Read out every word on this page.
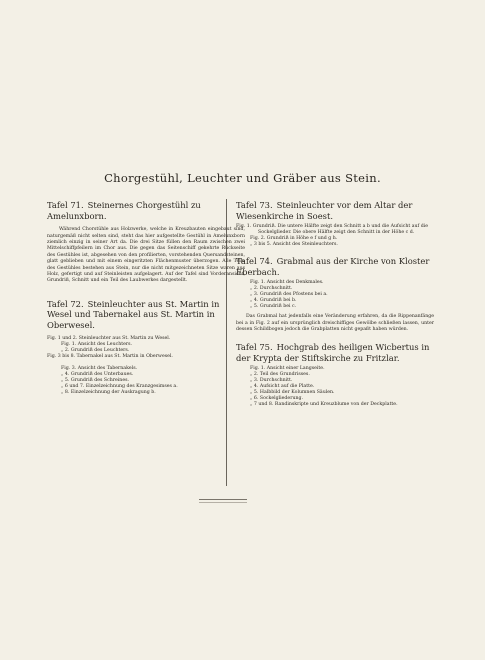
Chorgestühl, Leuchter und Gräber aus Stein.

Tafel 71. Steinernes Chorgestühl zu Amelunxborn.

Während Chorstühle aus Holzwerke, welche in Kreuzbauten eingebaut sind, naturgemäß nicht selten sind, steht das hier aufgestellte Gestühl in Amelunxborn ziemlich einzig in seiner Art da. Die drei Sitze füllen den Raum zwischen zwei Mittelschiffpfeilern im Chor aus. Die gegen das Seitenschiff gekehrte Rückseite des Gestühles ist, abgesehen von den profilierten, vorstehenden Quersandsteinen, glatt geblieben und mit einem eingeritzten Flächenmuster überzogen. Alle Teile des Gestühles bestehen aus Stein, nur die nicht mitgezeichneten Sitze waren aus Holz, gefertigt und auf Steinleisten aufgelagert. Auf der Tafel sind Vorderansicht, Grundriß, Schnitt und ein Teil des Laubwerkes dargestellt.

Tafel 72. Steinleuchter aus St. Martin in Wesel und Tabernakel aus St. Martin in Oberwesel.

Fig. 1 und 2. Steinleuchter aus St. Martin zu Wesel.
Fig. 1. Ansicht des Leuchters.
„ 2. Grundriß des Leuchters.
Fig. 3 bis 8. Tabernakel aus St. Martin in Oberwesel.
Fig. 3. Ansicht des Tabernakels.
„ 4. Grundriß des Unterbaues.
„ 5. Grundriß des Schreines.
„ 6 und 7. Einzelzeichnung des Kranzgesimses a.
„ 8. Einzelzeichnung der Auskragung b.

Tafel 73. Steinleuchter vor dem Altar der Wiesenkirche in Soest.

Fig. 1. Grundriß. Die untere Hälfte zeigt den Schnitt a b und die Aufsicht auf die Sockelglieder. Die obere Hälfte zeigt den Schnitt in der Höhe c d.
Fig. 2. Grundriß in Höhe e f und g h.
„ 3 bis 5. Ansicht des Steinleuchters.

Tafel 74. Grabmal aus der Kirche von Kloster Eberbach.

Fig. 1. Ansicht des Denkmales.
„ 2. Durchschnitt.
„ 3. Grundriß des Pfostens bei a.
„ 4. Grundriß bei b.
„ 5. Grundriß bei c.

Das Grabmal hat jedenfalls eine Veränderung erfahren, da die Rippenanfänge bei a in Fig. 2 auf ein ursprünglich dreischiffiges Gewölbe schließen lassen, unter dessen Schildbogen jedoch die Grabplatten nicht gepaßt haben würden.

Tafel 75. Hochgrab des heiligen Wicbertus in der Krypta der Stiftskirche zu Fritzlar.

Fig. 1. Ansicht einer Langseite.
„ 2. Teil des Grundrisses.
„ 3. Durchschnitt.
„ 4. Aufsicht auf die Platte.
„ 5. Halbbild der Kolumnen Säulen.
„ 6. Sockelgliederung.
„ 7 und 8. Randinskripte und Kreuzblume von der Deckplatte.
